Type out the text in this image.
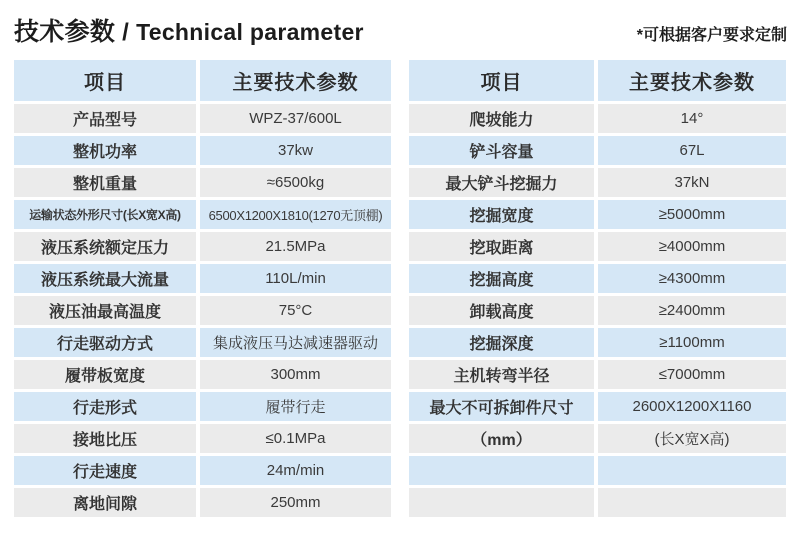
技术参数 / Technical parameter	*可根据客户要求定制
项目	主要技术参数
产品型号	WPZ-37/600L
整机功率	37kw
整机重量	≈6500kg
运输状态外形尺寸(长X宽X高)	6500X1200X1810(1270无顶棚)
液压系统额定压力	21.5MPa
液压系统最大流量	110L/min
液压油最高温度	75°C
行走驱动方式	集成液压马达减速器驱动
履带板宽度	300mm
行走形式	履带行走
接地比压	≤0.1MPa
行走速度	24m/min
离地间隙	250mm
项目	主要技术参数
爬坡能力	14°
铲斗容量	67L
最大铲斗挖掘力	37kN
挖掘宽度	≥5000mm
挖取距离	≥4000mm
挖掘高度	≥4300mm
卸载高度	≥2400mm
挖掘深度	≥1100mm
主机转弯半径	≤7000mm
最大不可拆卸件尺寸	2600X1200X1160
（mm）	(长X宽X高)
